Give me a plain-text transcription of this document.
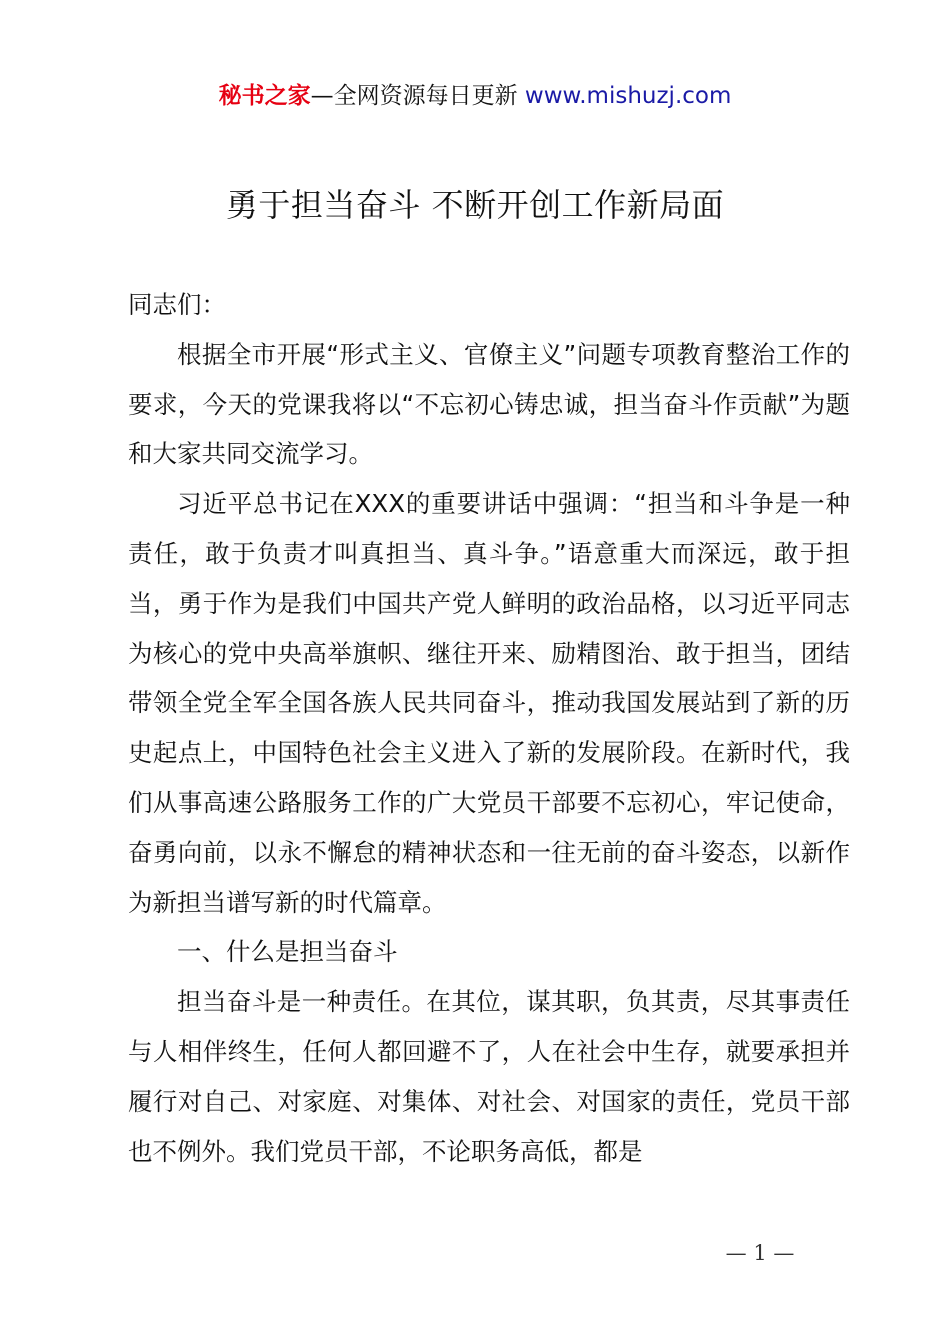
秘书之家—全网资源每日更新 www.mishuzj.com
勇于担当奋斗 不断开创工作新局面

同志们：

根据全市开展“形式主义、官僚主义”问题专项教育整治工作的要求，今天的党课我将以“不忘初心铸忠诚，担当奋斗作贡献”为题和大家共同交流学习。

习近平总书记在XXX的重要讲话中强调：“担当和斗争是一种责任，敢于负责才叫真担当、真斗争。”语意重大而深远，敢于担当，勇于作为是我们中国共产党人鲜明的政治品格，以习近平同志为核心的党中央高举旗帜、继往开来、励精图治、敢于担当，团结带领全党全军全国各族人民共同奋斗，推动我国发展站到了新的历史起点上，中国特色社会主义进入了新的发展阶段。在新时代，我们从事高速公路服务工作的广大党员干部要不忘初心，牢记使命，奋勇向前，以永不懈怠的精神状态和一往无前的奋斗姿态，以新作为新担当谱写新的时代篇章。

一、什么是担当奋斗

担当奋斗是一种责任。在其位，谋其职，负其责，尽其事责任与人相伴终生，任何人都回避不了，人在社会中生存，就要承担并履行对自己、对家庭、对集体、对社会、对国家的责任，党员干部也不例外。我们党员干部，不论职务高低，都是

— 1 —
